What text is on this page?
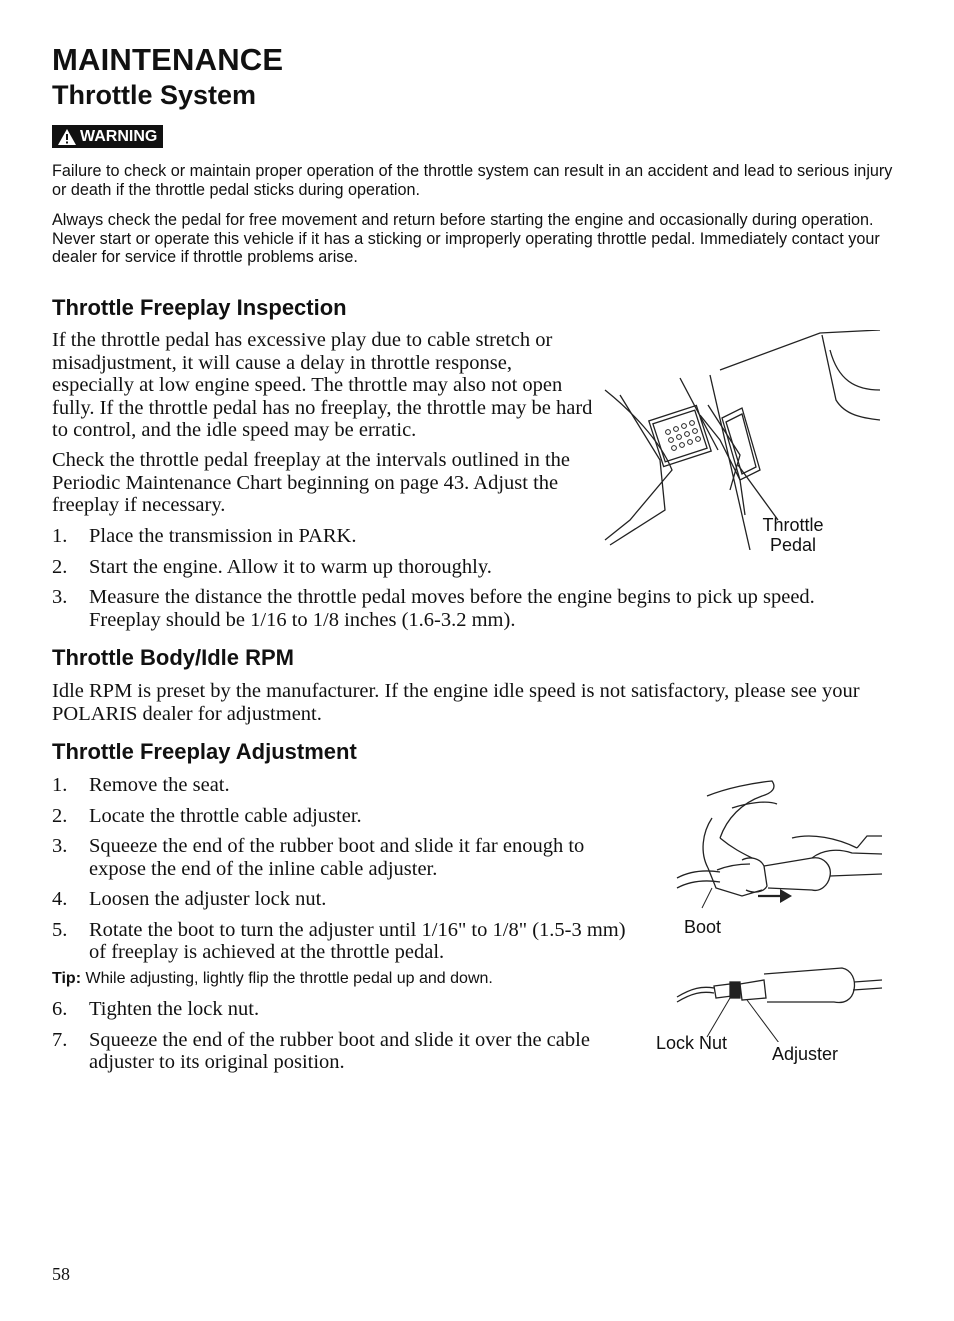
MAINTENANCE
Throttle System
WARNING
Failure to check or maintain proper operation of the throttle system can result in an accident and lead to serious injury or death if the throttle pedal sticks during operation.
Always check the pedal for free movement and return before starting the engine and occasionally during operation. Never start or operate this vehicle if it has a sticking or improperly operating throttle pedal. Immediately contact your dealer for service if throttle problems arise.
Throttle Freeplay Inspection
If the throttle pedal has excessive play due to cable stretch or misadjustment, it will cause a delay in throttle response, especially at low engine speed. The throttle may also not open fully. If the throttle pedal has no freeplay, the throttle may be hard to control, and the idle speed may be erratic.
Check the throttle pedal freeplay at the intervals outlined in the Periodic Maintenance Chart beginning on page 43. Adjust the freeplay if necessary.
1. Place the transmission in PARK.
2. Start the engine. Allow it to warm up thoroughly.
3. Measure the distance the throttle pedal moves before the engine begins to pick up speed. Freeplay should be 1/16 to 1/8 inches (1.6-3.2 mm).
Throttle
Pedal
Throttle Body/Idle RPM
Idle RPM is preset by the manufacturer. If the engine idle speed is not satisfactory, please see your POLARIS dealer for adjustment.
Throttle Freeplay Adjustment
1. Remove the seat.
2. Locate the throttle cable adjuster.
3. Squeeze the end of the rubber boot and slide it far enough to expose the end of the inline cable adjuster.
4. Loosen the adjuster lock nut.
5. Rotate the boot to turn the adjuster until 1/16" to 1/8" (1.5-3 mm) of freeplay is achieved at the throttle pedal.
Tip: While adjusting, lightly flip the throttle pedal up and down.
6. Tighten the lock nut.
7. Squeeze the end of the rubber boot and slide it over the cable adjuster to its original position.
Boot
Lock Nut
Adjuster
58
